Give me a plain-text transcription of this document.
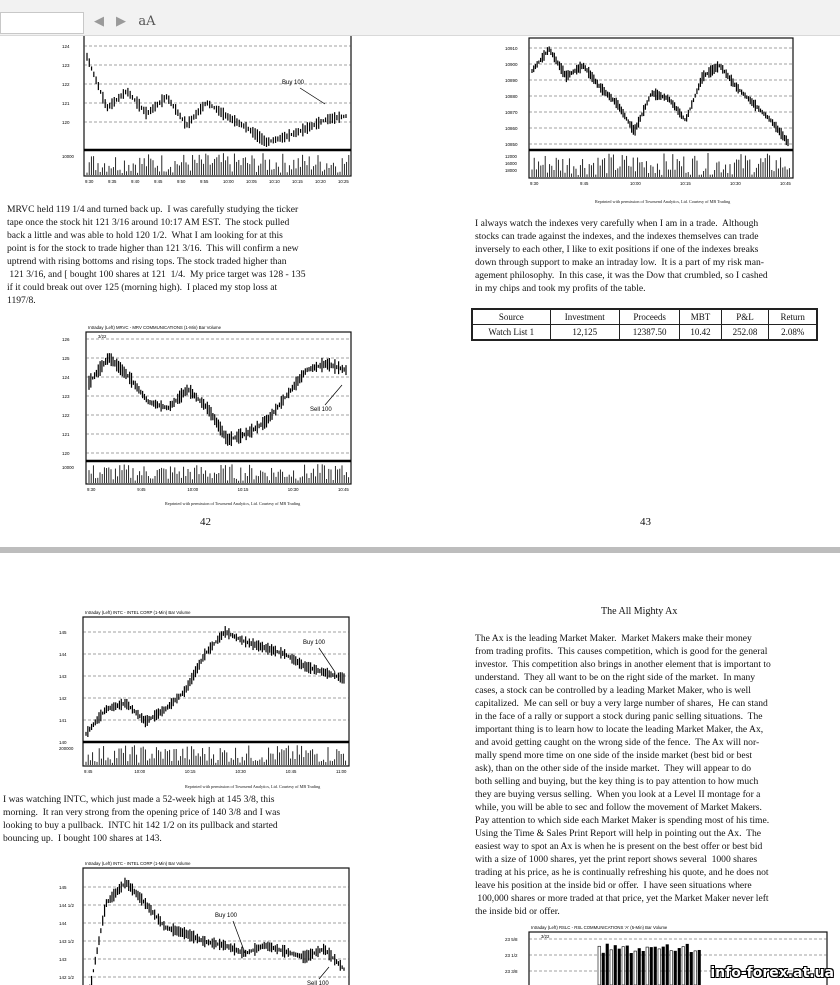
◀ ▶ aA
124
123
122
121
120
10000
9:30	9:35	9:40	9:45	9:50	9:55	10:00	10:05	10:10	10:15	10:20	10:25
Buy 100
10910
10900
10890
10880
10870
10860
10850
12000
16000
18000
9:30	9:45	10:00	10:15	10:30	10:45
Reprinted with permission of Townsend Analytics, Ltd. Courtesy of MB Trading
MRVC held 119 1/4 and turned back up.  I was carefully studying the ticker
tape once the stock hit 121 3/16 around 10:17 AM EST.  The stock pulled
back a little and was able to hold 120 1/2.  What I am looking for at this
point is for the stock to trade higher than 121 3/16.  This will confirm a new
uptrend with rising bottoms and rising tops. The stock traded higher than
121 3/16, and [ bought 100 shares at 121  1/4.  My price target was 128 - 135
if it could break out over 125 (morning high).  I placed my stop loss at
1197/8.
I always watch the indexes very carefully when I am in a trade.  Although
stocks can trade against the indexes, and the indexes themselves can trade
inversely to each other, I like to exit positions if one of the indexes breaks
down through support to make an intraday low.  It is a part of my risk man-
agement philosophy.  In this case, it was the Dow that crumbled, so I cashed
in my chips and took my profits of the table.
Source	Investment	Proceeds	MBT	P&L	Return
Watch List 1	12,125	12387.50	10.42	252.08	2.08%
Intraday (Left) MRVC - MRV COMMUNICATIONS (1-Min) Bar Volume
3/22
126
125
124
123
122
121
120
10000
9:30	9:45	10:00	10:15	10:30	10:45
Sell 100
Reprinted with permission of Townsend Analytics, Ltd. Courtesy of MB Trading
42	43
Intraday (Left) INTC - INTEL CORP (1-Min) Bar Volume
145
144
143
142
141
140
200000
9:45	10:00	10:15	10:30	10:45	11:00
Buy 100
Reprinted with permission of Townsend Analytics, Ltd. Courtesy of MB Trading
I was watching INTC, which just made a 52-week high at 145 3/8, this
morning.  It ran very strong from the opening price of 140 3/8 and I was
looking to buy a pullback.  INTC hit 142 1/2 on its pullback and started
bouncing up.  I bought 100 shares at 143.
Intraday (Left) INTC - INTEL CORP (1-Min) Bar Volume
145
144 1/2
144
143 1/2
143
142 1/2
Buy 100
Sell 100
The All Mighty Ax
The Ax is the leading Market Maker.  Market Makers make their money
from trading profits.  This causes competition, which is good for the general
investor.  This competition also brings in another element that is important to
understand.  They all want to be on the right side of the market.  In many
cases, a stock can be controlled by a leading Market Maker, who is well
capitalized.  Me can sell or buy a very large number of shares,  He can stand
in the face of a rally or support a stock during panic selling situations.  The
important thing is to learn how to locate the leading Market Maker, the Ax,
and avoid getting caught on the wrong side of the fence.  The Ax will nor-
mally spend more time on one side of the inside market (best bid or best
ask), than on the other side of the inside market.  They will appear to do
both selling and buying, but the key thing is to pay attention to how much
they are buying versus selling.  When you look at a Level II montage for a
while, you will be able to sec and follow the movement of Market Makers.
Pay attention to which side each Market Maker is spending most of his time.
Using the Time & Sales Print Report will help in pointing out the Ax.  The
easiest way to spot an Ax is when he is present on the best offer or best bid
with a size of 1000 shares, yet the print report shows several  1000 shares
trading at his price, as he is continually refreshing his quote, and he does not
leave his position at the inside bid or offer.  I have seen situations where
100,000 shares or more traded at that price, yet the Market Maker never left
the inside bid or offer.
Intraday (Left) RSLC - RSL COMMUNICATIONS 'A' (5-Min) Bar Volume
3/22
23 5/8
23 1/2
23 3/8	info-forex.at.ua
